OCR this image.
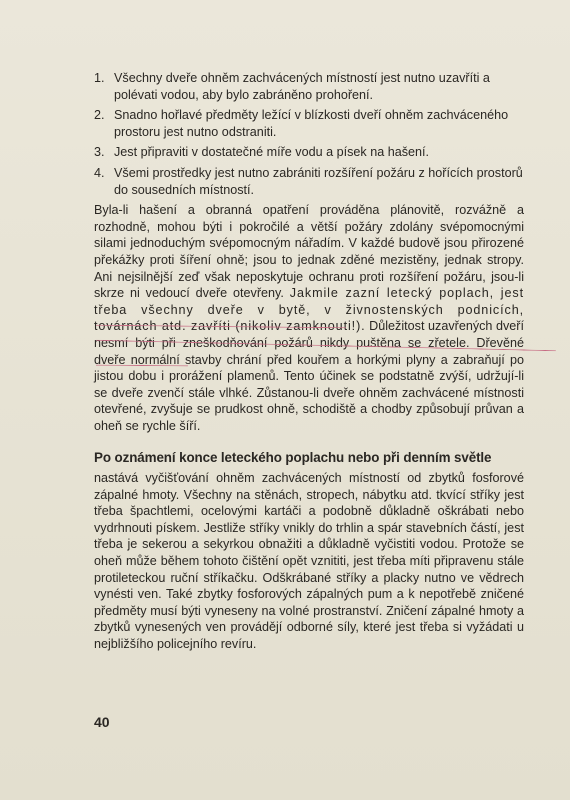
1. Všechny dveře ohněm zachvácených místností jest nutno uzavříti a polévati vodou, aby bylo zabráněno prohoření.
2. Snadno hořlavé předměty ležící v blízkosti dveří ohněm zachváceného prostoru jest nutno odstraniti.
3. Jest připraviti v dostatečné míře vodu a písek na hašení.
4. Všemi prostředky jest nutno zabrániti rozšíření požáru z hořících prostorů do sousedních místností.

Byla-li hašení a obranná opatření prováděna plánovitě, rozvážně a rozhodně, mohou býti i pokročilé a větší požáry zdolány svépomocnými silami jednoduchým svépomocným nářadím. V každé budově jsou přirozené překážky proti šíření ohně; jsou to jednak zděné mezistěny, jednak stropy. Ani nejsilnější zeď však neposkytuje ochranu proti rozšíření požáru, jsou-li skrze ni vedoucí dveře otevřeny. Jakmile zazní letecký poplach, jest třeba všechny dveře v bytě, v živnostenských podnicích, továrnách atd. zavříti (nikoliv zamknouti!). Důležitost uzavřených dveří nesmí býti při zneškodňování požárů nikdy puštěna se zřetele. Dřevěné dveře normální stavby chrání před kouřem a horkými plyny a zabraňují po jistou dobu i prorážení plamenů. Tento účinek se podstatně zvýší, udržují-li se dveře zvenčí stále vlhké. Zůstanou-li dveře ohněm zachvácené místnosti otevřené, zvyšuje se prudkost ohně, schodiště a chodby způsobují průvan a oheň se rychle šíří.

Po oznámení konce leteckého poplachu nebo při denním světle

nastává vyčišťování ohněm zachvácených místností od zbytků fosforové zápalné hmoty. Všechny na stěnách, stropech, nábytku atd. tkvící stříky jest třeba špachtlemi, ocelovými kartáči a podobně důkladně oškrábati nebo vydrhnouti pískem. Jestliže stříky vnikly do trhlin a spár stavebních částí, jest třeba je sekerou a sekyrkou obnažiti a důkladně vyčistiti vodou. Protože se oheň může během tohoto čištění opět vznititi, jest třeba míti připravenu stále protileteckou ruční stříkačku. Odškrábané stříky a placky nutno ve vědrech vynésti ven. Také zbytky fosforových zápalných pum a k nepotřebě zničené předměty musí býti vyneseny na volné prostranství. Zničení zápalné hmoty a zbytků vynesených ven provádějí odborné síly, které jest třeba si vyžádati u nejbližšího policejního revíru.

40
